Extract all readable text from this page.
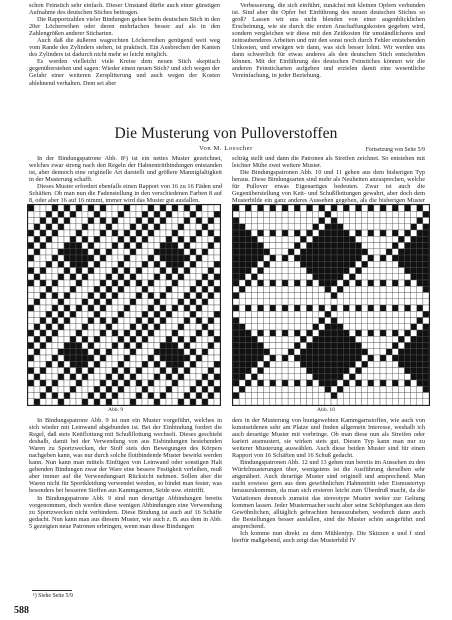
schon Feinstich sehr einfach. Dieser Umstand dürfte auch einer günstigen Aufnahme des deutschen Stiches beitragen.

Die Rapportzahlen vieler Bindungen gehen beim deutschen Stich in den 20er Löcherreihen oder deren mehrfachen besser auf als in den Zahlengrößen anderer Sticharten.

Auch daß die äußeren wagrechten Löcherreihen genügend weit weg vom Rande des Zylinders stehen, ist praktisch. Ein Ausbrechen der Kanten des Zylinders ist dadurch nicht mehr so leicht möglich.

Es werden vielleicht viele Kreise dem neuen Stich skeptisch gegenüberstehen und sagen: Wieder einen neuen Stich? und sich wegen der Gefahr einer weiteren Zersplitterung und auch wegen der Kosten ablehnend verhalten. Dem sei aber

Verbesserung, die sich einführt, zunächst mit kleinen Opfern verbunden ist. Sind aber die Opfer bei Einführung des neuen deutschen Stiches so groß? Lassen wir uns nicht blenden von einer augenblicklichen Erscheinung, wie sie durch die ersten Anschaffungskosten gegeben wird, sondern vergleichen wir diese mit den Zeitkosten für umständlicheres und zeitraubenderes Arbeiten und mit den sonst noch durch Fehler entstehenden Unkosten, und erwägen wir dann, was sich besser lohnt. Wir werden uns dann schwerlich für etwas anderes als den deutschen Stich entscheiden können. Mit der Einführung des deutschen Feinstiches können wir die anderen Feinsticharten aufgeben und erzielen damit eine wesentliche Vereinfachung, in jeder Beziehung.

Die Musterung von Pulloverstoffen
Von M. Loescher	Fortsetzung von Seite 5/9

In der Bindungspatrone Abb. 8¹) ist ein nettes Muster gezeichnet, welches zwar streng nach den Regeln der Habnentrittbindungen entstanden ist, aber dennoch eine originelle Art darstellt und größere Mannigfaltigkeit in der Musterung schafft.

Dieses Muster erfordert ebenfalls einen Rapport von 16 zu 16 Fäden und Schäften. Ob man nun die Fadenstellung in den verschiedenen Farben 8 auf 8, oder aber 16 auf 16 nimmt, immer wird das Muster gut ausfallen.

schräg stellt und dann die Patronen als Streifen zeichnet. So entstehen mit leichter Mühe zwei weitere Muster.

Die Bindungspatronen Abb. 10 und 11 gehen aus dem bisherigen Typ heraus. Diese Bindungsarten sind mehr als Neuheiten anzusprechen, welche für Pullover etwas Eigenartiges bedeuten. Zwar ist auch die Gegenüberstellung von Kett- und Schußflottungen gewahrt, aber doch dem Musterbilde ein ganz anderes Aussehen gegeben, als die bisherigen Muster

Abb. 9	Abb. 10

In Bindungspatrone Abb. 9 ist nun ein Muster vorgeführt, welches in sich wieder mit Leinwand abgebunden ist. Bei der Einbindung fordert die Regel, daß stets Kettflottung mit Schußflottung wechselt. Dieses geschieht deshalb, damit bei der Verwendung von aus Eisbindungen bestehenden Waren zu Sportzwecken, der Stoff stets den Bewegungen des Körpers nachgeben kann, was nur durch solche flottbindende Muster bewirkt werden kann. Nun kann man mittels Einfügen von Leinwand oder sonstigen Halt gebenden Bindungen zwar der Ware eine bessere Festigkeit verleihen, muß aber immer auf die Verwendungsart Rücksicht nehmen. Sollen aber die Waren nicht für Sportkleidung verwendet werden, so bindet man fester, was besonders bei besseren Stoffen aus Kammgarnen, Seide usw. eintrifft.

In Bindungspatrone Abb. 9 sind nun derartige Abbindungen bereits vorgenommen, doch werden diese wenigen Abbindungen eine Verwendung zu Sportzwecken nicht verhindern. Diese Bindung ist auch auf 16 Schäfte gedacht. Nun kann man aus diesem Muster, wie auch z. B. aus dem in Abb. 5 gezeigten neue Patronen erbringen, wenn man diese Bindungen

ders in der Musterung von buntgewebten Kammgarnstoffen, wie auch von kunstseidenen sehr am Platze und finden allgemein Interesse, weshalb ich auch derartige Muster mit vorbringe. Ob man diese nun als Streifen oder kariert ausmustert, sie wirken stets gut. Diesen Typ kann man nur zu weiterer Musterung auswählen. Auch diese beiden Muster sind für einen Rapport von 16 Schäften und 16 Schuß gedacht.

Bindungspatronen Abb. 12 und 13 gehen nun bereits im Aussehen zu den Würfelmusterungen über, wenigstens ist die Ausführung derselben sehr angenähert. Auch derartige Muster sind originell und ansprechend. Man sucht sowieso gern aus dem gewöhnlichen Hahnentritt oder Eismustertyp herauszukommen, da man sich ersteren leicht zum Überdruß macht, da die Variationen dennoch zumeist das stereotype Muster weiter zur Geltung kommen lassen. Jeder Mustermacher sucht aber seine Schöpfungen aus dem Gewöhnlichen, alltäglich gebrachten herauszuheben, wodurch dann auch die Bestellungen besser ausfallen, sind die Muster schön ausgeführt und ansprechend.

Ich komme nun direkt zu dem Mühlentyp. Die Skizzen e und f sind hierfür maßgebend, auch zeigt das Musterbild IV

¹) Siehe Seite 5/9
588
